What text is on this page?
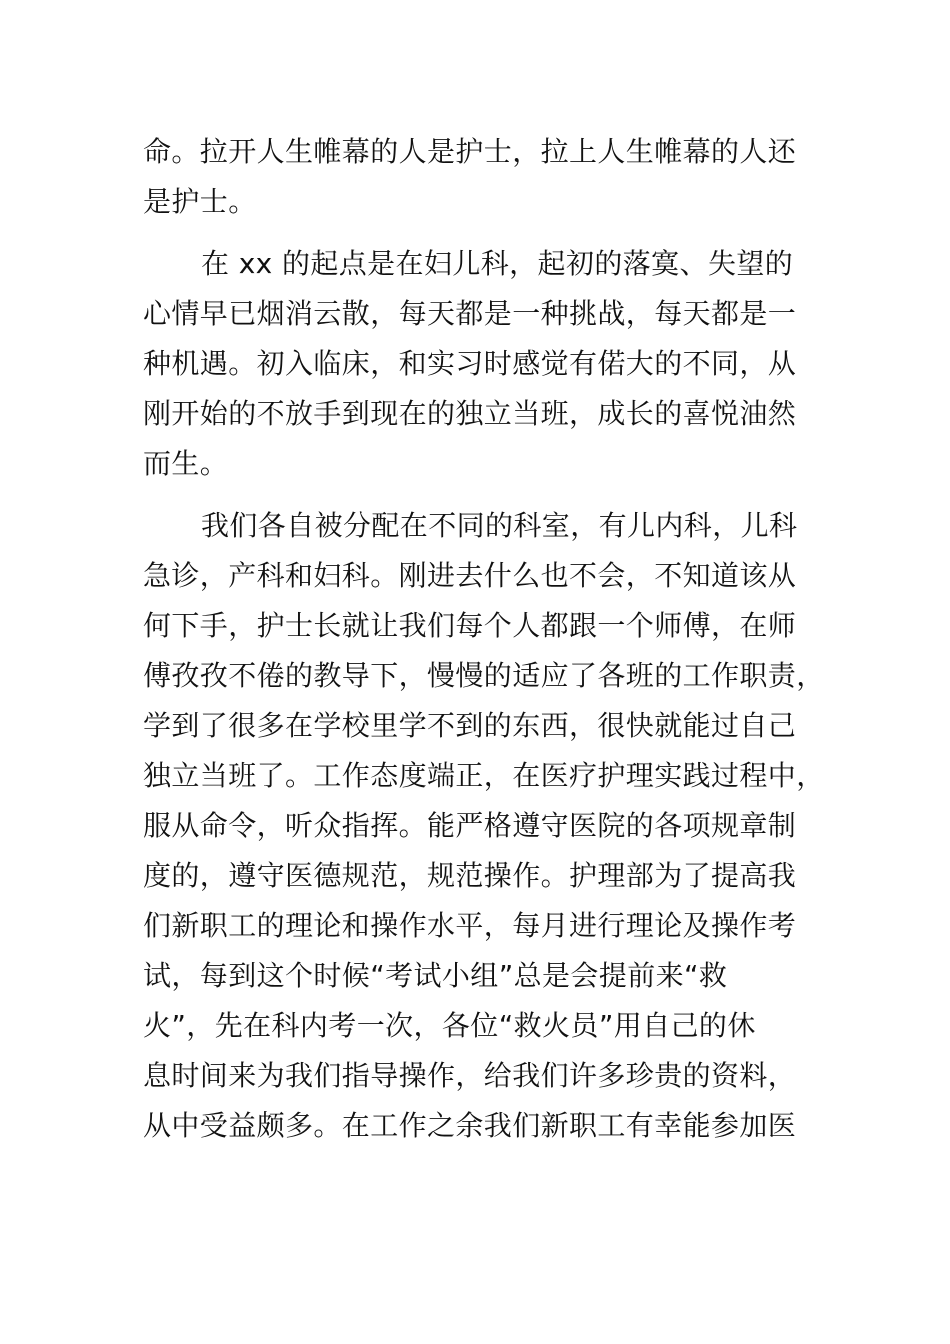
命。拉开人生帷幕的人是护士，拉上人生帷幕的人还
是护士。
在 xx 的起点是在妇儿科，起初的落寞、失望的
心情早已烟消云散，每天都是一种挑战，每天都是一
种机遇。初入临床，和实习时感觉有偌大的不同，从
刚开始的不放手到现在的独立当班，成长的喜悦油然
而生。
我们各自被分配在不同的科室，有儿内科，儿科
急诊，产科和妇科。刚进去什么也不会，不知道该从
何下手，护士长就让我们每个人都跟一个师傅，在师
傅孜孜不倦的教导下，慢慢的适应了各班的工作职责，
学到了很多在学校里学不到的东西，很快就能过自己
独立当班了。工作态度端正，在医疗护理实践过程中，
服从命令，听众指挥。能严格遵守医院的各项规章制
度的，遵守医德规范，规范操作。护理部为了提高我
们新职工的理论和操作水平，每月进行理论及操作考
试，每到这个时候“考试小组”总是会提前来“救
火”，先在科内考一次，各位“救火员”用自己的休
息时间来为我们指导操作，给我们许多珍贵的资料，
从中受益颇多。在工作之余我们新职工有幸能参加医
